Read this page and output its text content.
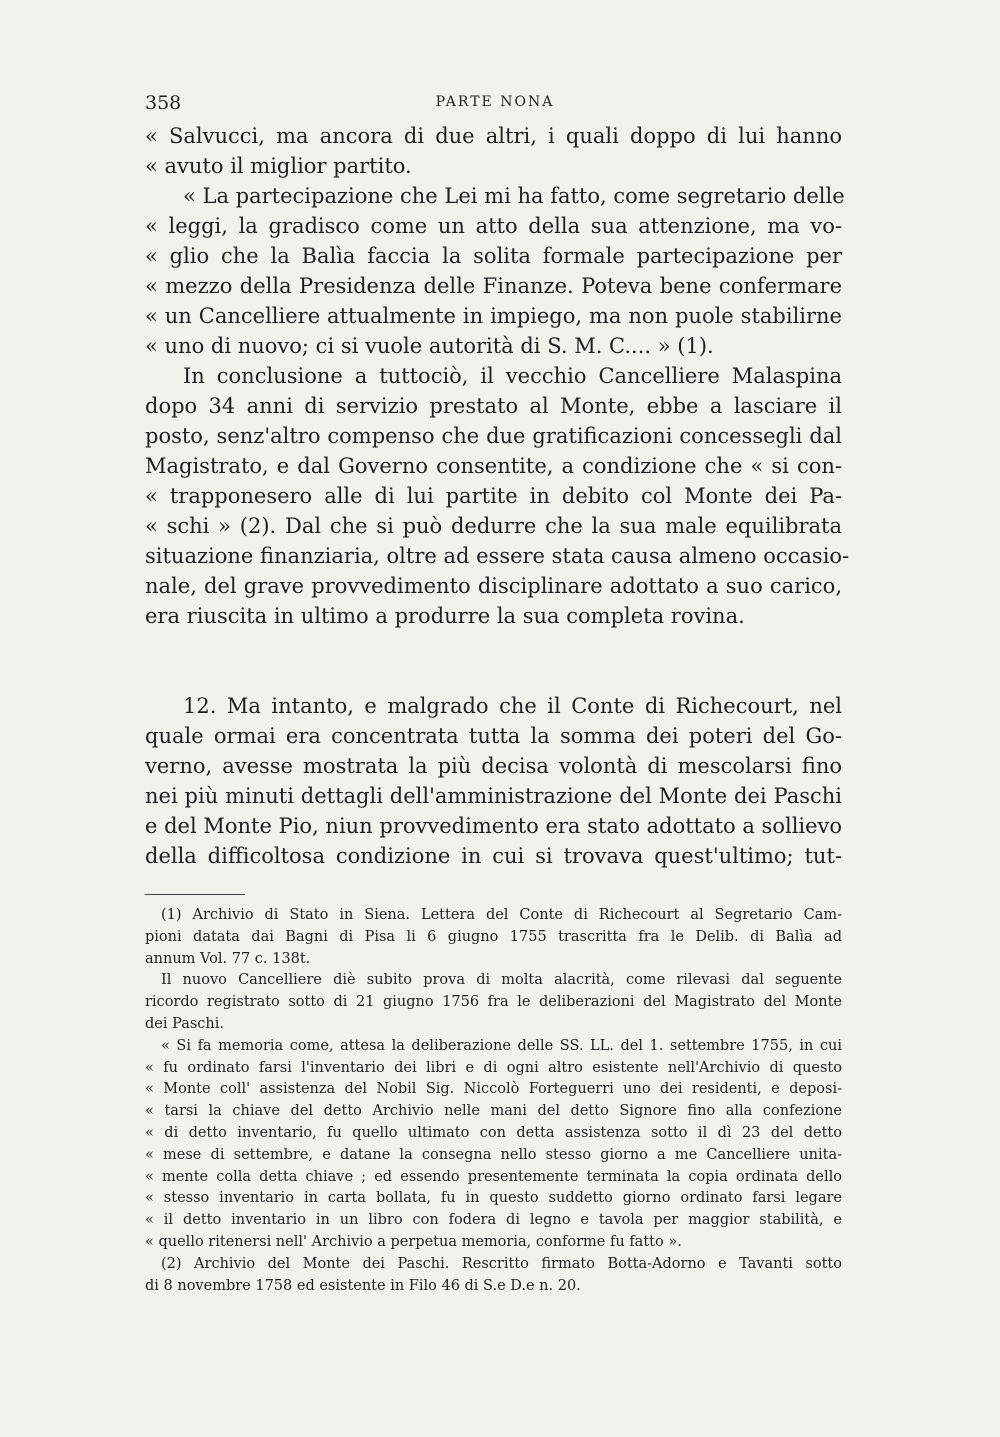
358	PARTE NONA
« Salvucci, ma ancora di due altri, i quali doppo di lui hanno
« avuto il miglior partito.
« La partecipazione che Lei mi ha fatto, come segretario delle
« leggi, la gradisco come un atto della sua attenzione, ma vo-
« glio che la Balìa faccia la solita formale partecipazione per
« mezzo della Presidenza delle Finanze. Poteva bene confermare
« un Cancelliere attualmente in impiego, ma non puole stabilirne
« uno di nuovo; ci si vuole autorità di S. M. C.... » (1).
In conclusione a tuttociò, il vecchio Cancelliere Malaspina
dopo 34 anni di servizio prestato al Monte, ebbe a lasciare il
posto, senz'altro compenso che due gratificazioni concessegli dal
Magistrato, e dal Governo consentite, a condizione che « si con-
« trapponesero alle di lui partite in debito col Monte dei Pa-
« schi » (2). Dal che si può dedurre che la sua male equilibrata
situazione finanziaria, oltre ad essere stata causa almeno occasio-
nale, del grave provvedimento disciplinare adottato a suo carico,
era riuscita in ultimo a produrre la sua completa rovina.
12. Ma intanto, e malgrado che il Conte di Richecourt, nel
quale ormai era concentrata tutta la somma dei poteri del Go-
verno, avesse mostrata la più decisa volontà di mescolarsi fino
nei più minuti dettagli dell'amministrazione del Monte dei Paschi
e del Monte Pio, niun provvedimento era stato adottato a sollievo
della difficoltosa condizione in cui si trovava quest'ultimo; tut-
(1) Archivio di Stato in Siena. Lettera del Conte di Richecourt al Segretario Cam-
pioni datata dai Bagni di Pisa li 6 giugno 1755 trascritta fra le Delib. di Balìa ad
annum Vol. 77 c. 138t.
Il nuovo Cancelliere diè subito prova di molta alacrità, come rilevasi dal seguente
ricordo registrato sotto di 21 giugno 1756 fra le deliberazioni del Magistrato del Monte
dei Paschi.
« Si fa memoria come, attesa la deliberazione delle SS. LL. del 1. settembre 1755, in cui
« fu ordinato farsi l'inventario dei libri e di ogni altro esistente nell'Archivio di questo
« Monte coll' assistenza del Nobil Sig. Niccolò Forteguerri uno dei residenti, e deposi-
« tarsi la chiave del detto Archivio nelle mani del detto Signore fino alla confezione
« di detto inventario, fu quello ultimato con detta assistenza sotto il dì 23 del detto
« mese di settembre, e datane la consegna nello stesso giorno a me Cancelliere unita-
« mente colla detta chiave ; ed essendo presentemente terminata la copia ordinata dello
« stesso inventario in carta bollata, fu in questo suddetto giorno ordinato farsi legare
« il detto inventario in un libro con fodera di legno e tavola per maggior stabilità, e
« quello ritenersi nell' Archivio a perpetua memoria, conforme fu fatto ».
(2) Archivio del Monte dei Paschi. Rescritto firmato Botta-Adorno e Tavanti sotto
di 8 novembre 1758 ed esistente in Filo 46 di S.e D.e n. 20.
